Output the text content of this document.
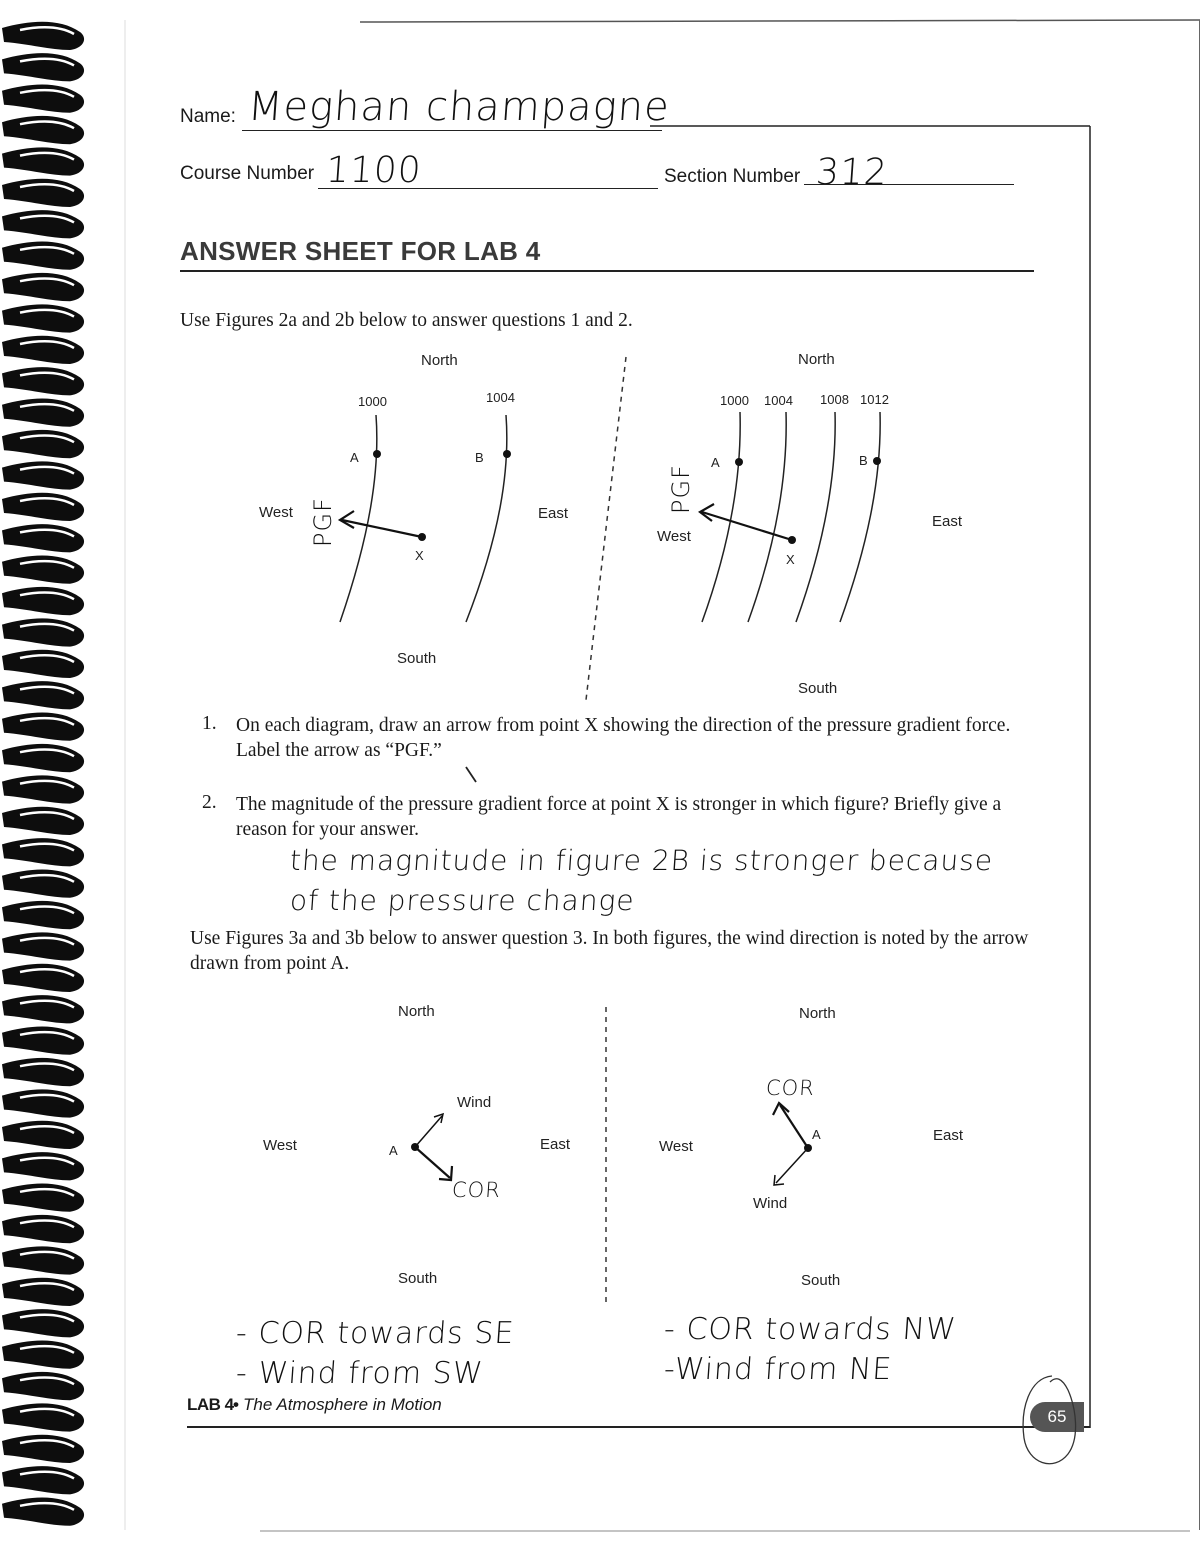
Name: Meghan champagne
Course Number 1100	Section Number 312
ANSWER SHEET FOR LAB 4

Use Figures 2a and 2b below to answer questions 1 and 2.

North
South
West	East
1000	1004
A	B
X
PGF
North
South
West
East
1000 1004 1008 1012
A	B
X
PGF
1. On each diagram, draw an arrow from point X showing the direction of the pressure gradient force. Label the arrow as “PGF.”

2. The magnitude of the pressure gradient force at point X is stronger in which figure? Briefly give a reason for your answer.

the magnitude in figure 2B is stronger because
of the pressure change

Use Figures 3a and 3b below to answer question 3. In both figures, the wind direction is noted by the arrow drawn from point A.

North
South
West	East
A
Wind
COR
North
South
West
East
A
Wind
COR
- COR towards SE
- Wind from SW
- COR towards NW
-Wind from NE
LAB 4 • The Atmosphere in Motion
65
